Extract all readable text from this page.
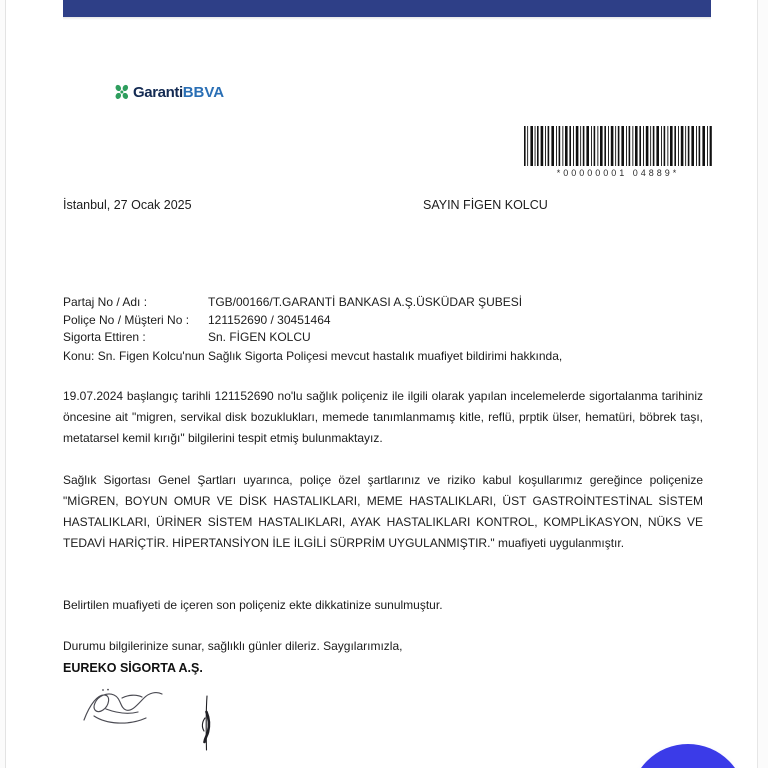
GarantiBBVA
*00000001 04889*
İstanbul, 27 Ocak 2025	SAYIN FİGEN KOLCU
Partaj No / Adı :	TGB/00166/T.GARANTİ BANKASI A.Ş.ÜSKÜDAR ŞUBESİ
Poliçe No / Müşteri No :	121152690 / 30451464
Sigorta Ettiren :	Sn. FİGEN KOLCU
Konu: Sn. Figen Kolcu'nun Sağlık Sigorta Poliçesi mevcut hastalık muafiyet bildirimi hakkında,

19.07.2024 başlangıç tarihli 121152690 no'lu sağlık poliçeniz ile ilgili olarak yapılan incelemelerde sigortalanma tarihiniz öncesine ait "migren, servikal disk bozuklukları, memede tanımlanmamış kitle, reflü, prptik ülser, hematüri, böbrek taşı, metatarsel kemil kırığı" bilgilerini tespit etmiş bulunmaktayız.

Sağlık Sigortası Genel Şartları uyarınca, poliçe özel şartlarınız ve riziko kabul koşullarımız gereğince poliçenize "MİGREN, BOYUN OMUR VE DİSK HASTALIKLARI, MEME HASTALIKLARI, ÜST GASTROİNTESTİNAL SİSTEM HASTALIKLARI, ÜRİNER SİSTEM HASTALIKLARI, AYAK HASTALIKLARI KONTROL, KOMPLİKASYON, NÜKS VE TEDAVİ HARİÇTİR. HİPERTANSİYON İLE İLGİLİ SÜRPRİM UYGULANMIŞTIR." muafiyeti uygulanmıştır.

Belirtilen muafiyeti de içeren son poliçeniz ekte dikkatinize sunulmuştur.
Durumu bilgilerinize sunar, sağlıklı günler dileriz. Saygılarımızla,
EUREKO SİGORTA A.Ş.
